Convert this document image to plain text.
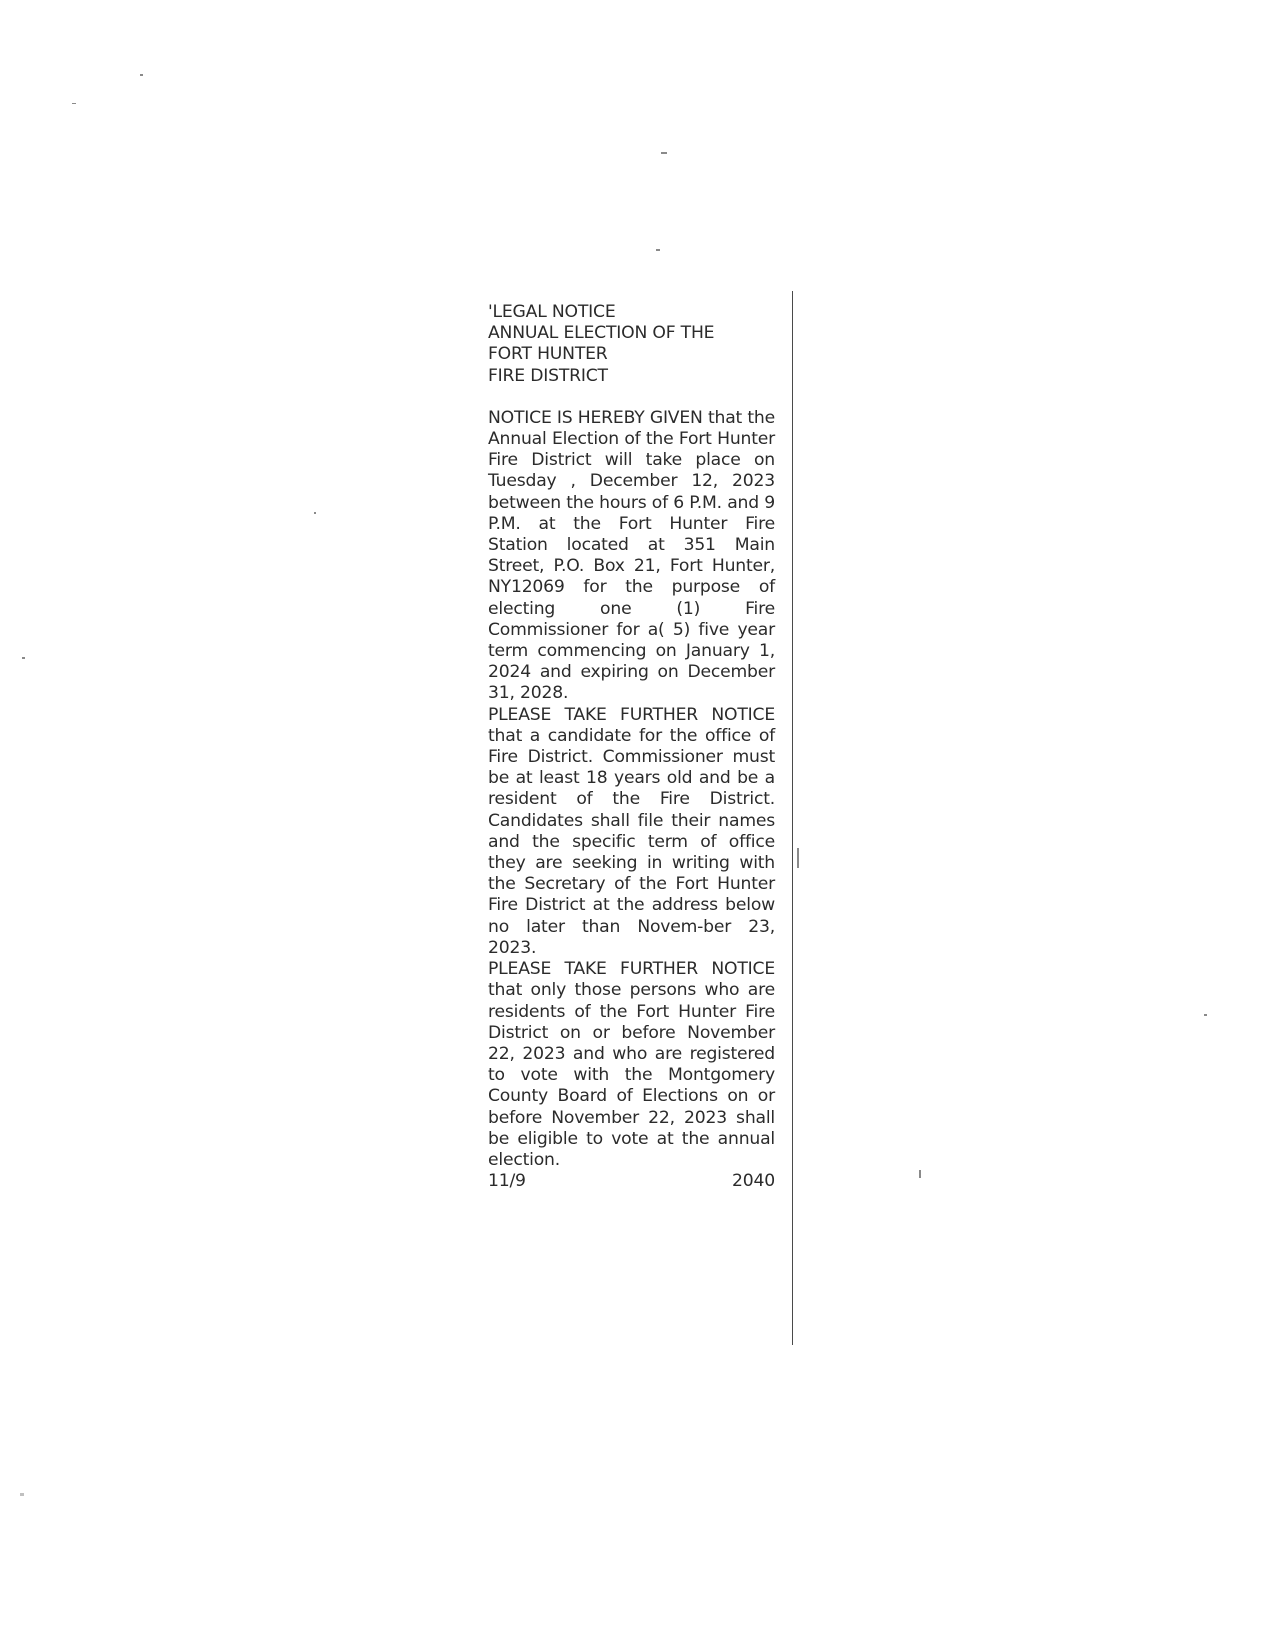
'LEGAL NOTICE
ANNUAL ELECTION OF THE
FORT HUNTER
FIRE DISTRICT

NOTICE IS HEREBY GIVEN that the Annual Election of the Fort Hunter Fire District will take place on Tuesday , December 12, 2023 between the hours of 6 P.M. and 9 P.M. at the Fort Hunter Fire Station located at 351 Main Street, P.O. Box 21, Fort Hunter, NY12069 for the purpose of electing one (1) Fire Commissioner for a( 5) five year term commencing on January 1, 2024 and expiring on December 31, 2028.

PLEASE TAKE FURTHER NOTICE that a candidate for the office of Fire District. Commissioner must be at least 18 years old and be a resident of the Fire District. Candidates shall file their names and the specific term of office they are seeking in writing with the Secretary of the Fort Hunter Fire District at the address below no later than Novem-ber 23, 2023.

PLEASE TAKE FURTHER NOTICE that only those persons who are residents of the Fort Hunter Fire District on or before November 22, 2023 and who are registered to vote with the Montgomery County Board of Elections on or before November 22, 2023 shall be eligible to vote at the annual election.

11/9	2040
